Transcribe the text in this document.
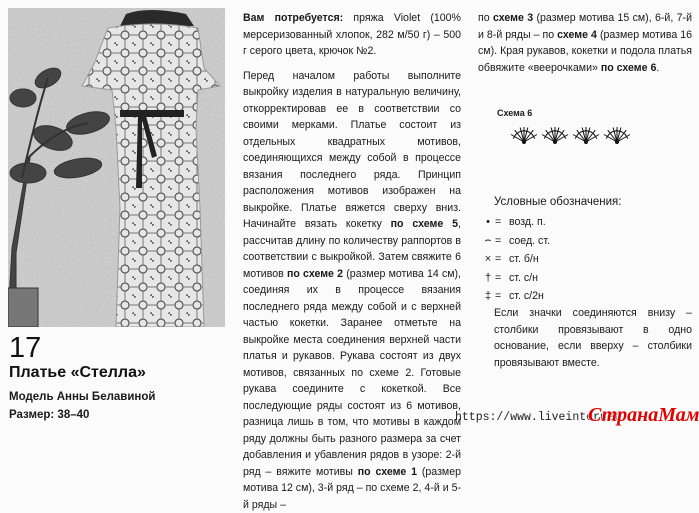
17
Платье «Стелла»
Модель Анны Белавиной
Размер: 38–40

Вам потребуется: пряжа Violet (100% мерсеризованный хлопок, 282 м/50 г) – 500 г серого цвета, крючок №2.

Перед началом работы выполните выкройку изделия в натуральную величину, откорректировав ее в соответствии со своими мерками. Платье состоит из отдельных квадратных мотивов, соединяющихся между собой в процессе вязания последнего ряда. Принцип расположения мотивов изображен на выкройке. Платье вяжется сверху вниз. Начинайте вязать кокетку по схеме 5, рассчитав длину по количеству раппортов в соответствии с выкройкой. Затем свяжите 6 мотивов по схеме 2 (размер мотива 14 см), соединяя их в процессе вязания последнего ряда между собой и с верхней частью кокетки. Заранее отметьте на выкройке места соединения верхней части платья и рукавов. Рукава состоят из двух мотивов, связанных по схеме 2. Готовые рукава соедините с кокеткой. Все последующие ряды состоят из 6 мотивов, разница лишь в том, что мотивы в каждом ряду должны быть разного размера за счет добавления и убавления рядов в узоре: 2-й ряд – вяжите мотивы по схеме 1 (размер мотива 12 см), 3-й ряд – по схеме 2, 4-й и 5-й ряды –

по схеме 3 (размер мотива 15 см), 6-й, 7-й и 8-й ряды – по схеме 4 (размер мотива 16 см). Края рукавов, кокетки и подола платья обвяжите «веерочками» по схеме 6.

Схема 6
Условные обозначения:
• = возд. п.
⌢ = соед. ст.
× = ст. б/н
† = ст. с/н
‡ = ст. с/2н
Если значки соединяются внизу – столбики провязывают в одно основание, если вверху – столбики провязывают вместе.
https://www.liveinternet.
СтранаМам
